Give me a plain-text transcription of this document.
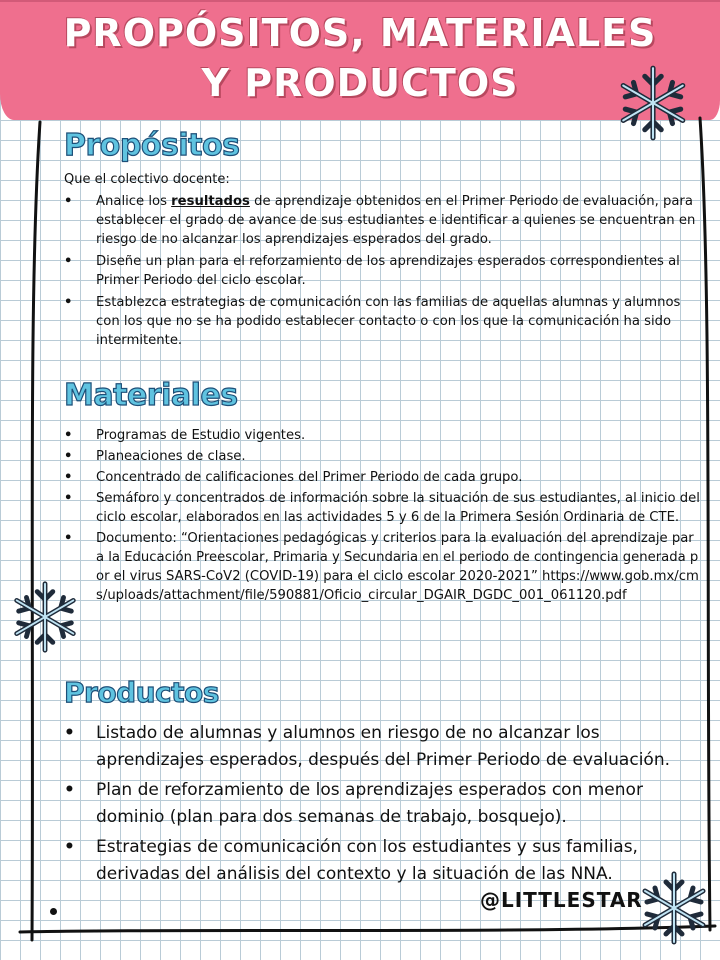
PROPÓSITOS, MATERIALES
Y PRODUCTOS
Propósitos
Que el colectivo docente:
• Analice los resultados de aprendizaje obtenidos en el Primer Periodo de evaluación, para establecer el grado de avance de sus estudiantes e identificar a quienes se encuentran en riesgo de no alcanzar los aprendizajes esperados del grado.
• Diseñe un plan para el reforzamiento de los aprendizajes esperados correspondientes al Primer Periodo del ciclo escolar.
• Establezca estrategias de comunicación con las familias de aquellas alumnas y alumnos con los que no se ha podido establecer contacto o con los que la comunicación ha sido intermitente.
Materiales
• Programas de Estudio vigentes.
• Planeaciones de clase.
• Concentrado de calificaciones del Primer Periodo de cada grupo.
• Semáforo y concentrados de información sobre la situación de sus estudiantes, al inicio del ciclo escolar, elaborados en las actividades 5 y 6 de la Primera Sesión Ordinaria de CTE.
• Documento: “Orientaciones pedagógicas y criterios para la evaluación del aprendizaje para la Educación Preescolar, Primaria y Secundaria en el periodo de contingencia generada por el virus SARS-CoV2 (COVID-19) para el ciclo escolar 2020-2021” https://www.gob.mx/cms/uploads/attachment/file/590881/Oficio_circular_DGAIR_DGDC_001_061120.pdf
Productos
• Listado de alumnas y alumnos en riesgo de no alcanzar los aprendizajes esperados, después del Primer Periodo de evaluación.
• Plan de reforzamiento de los aprendizajes esperados con menor dominio (plan para dos semanas de trabajo, bosquejo).
• Estrategias de comunicación con los estudiantes y sus familias, derivadas del análisis del contexto y la situación de las NNA.
@LITTLESTAR
